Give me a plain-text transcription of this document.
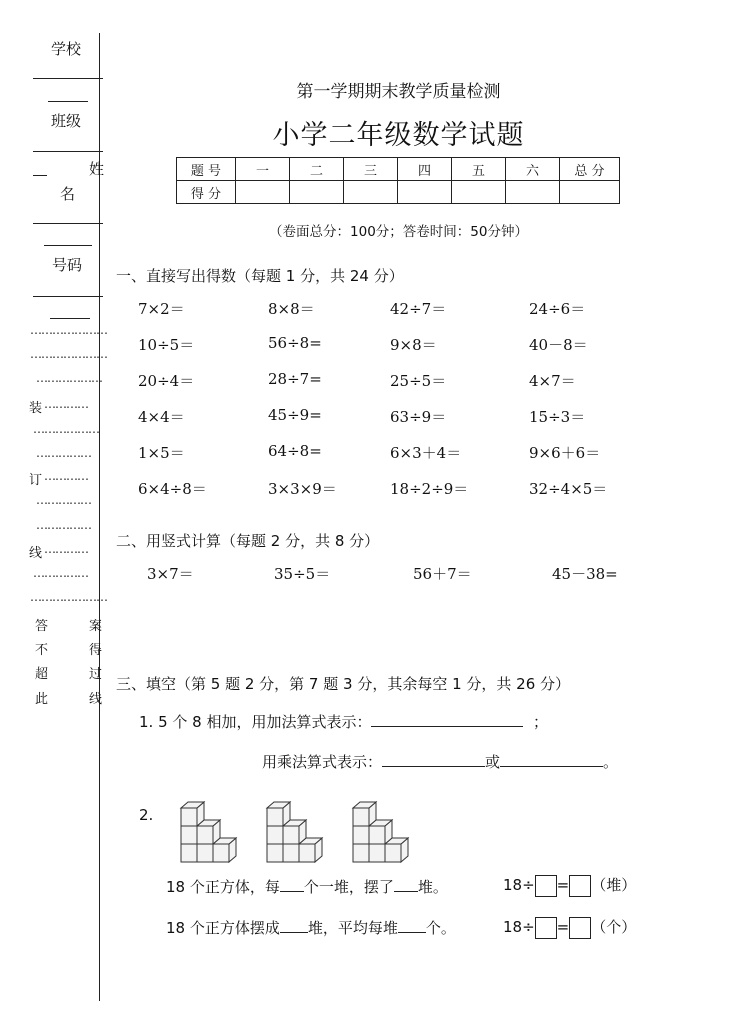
学校
班级
姓
名
号码
…………………
…………………
………………
装 …………
………………
……………
订 …………
……………
……………
线 …………
……………
…………………
答
不
超
此
案
得
过
线
第一学期期末教学质量检测
小学二年级数学试题
题 号	一	二	三	四	五	六	总 分
得 分							
（卷面总分：100分；答卷时间：50分钟）
一、直接写出得数（每题 1 分，共 24 分）
7×2＝	8×8＝	42÷7＝	24÷6＝
10÷5＝	56÷8=	9×8＝	40－8＝
20÷4＝	28÷7=	25÷5＝	4×7＝
4×4＝	45÷9=	63÷9＝	15÷3＝
1×5＝	64÷8=	6×3＋4＝	9×6＋6＝
6×4÷8＝	3×3×9＝	18÷2÷9＝	32÷4×5＝
二、用竖式计算（每题 2 分，共 8 分）
3×7＝	35÷5＝	56＋7＝	45－38=
三、填空（第 5 题 2 分，第 7 题 3 分，其余每空 1 分，共 26 分）
1. 5 个 8 相加，用加法算式表示：	；
用乘法算式表示：	或	。
2.
18 个正方体，每 个一堆，摆了 堆。	18÷ = （堆）
18 个正方体摆成 堆，平均每堆 个。	18÷ = （个）
